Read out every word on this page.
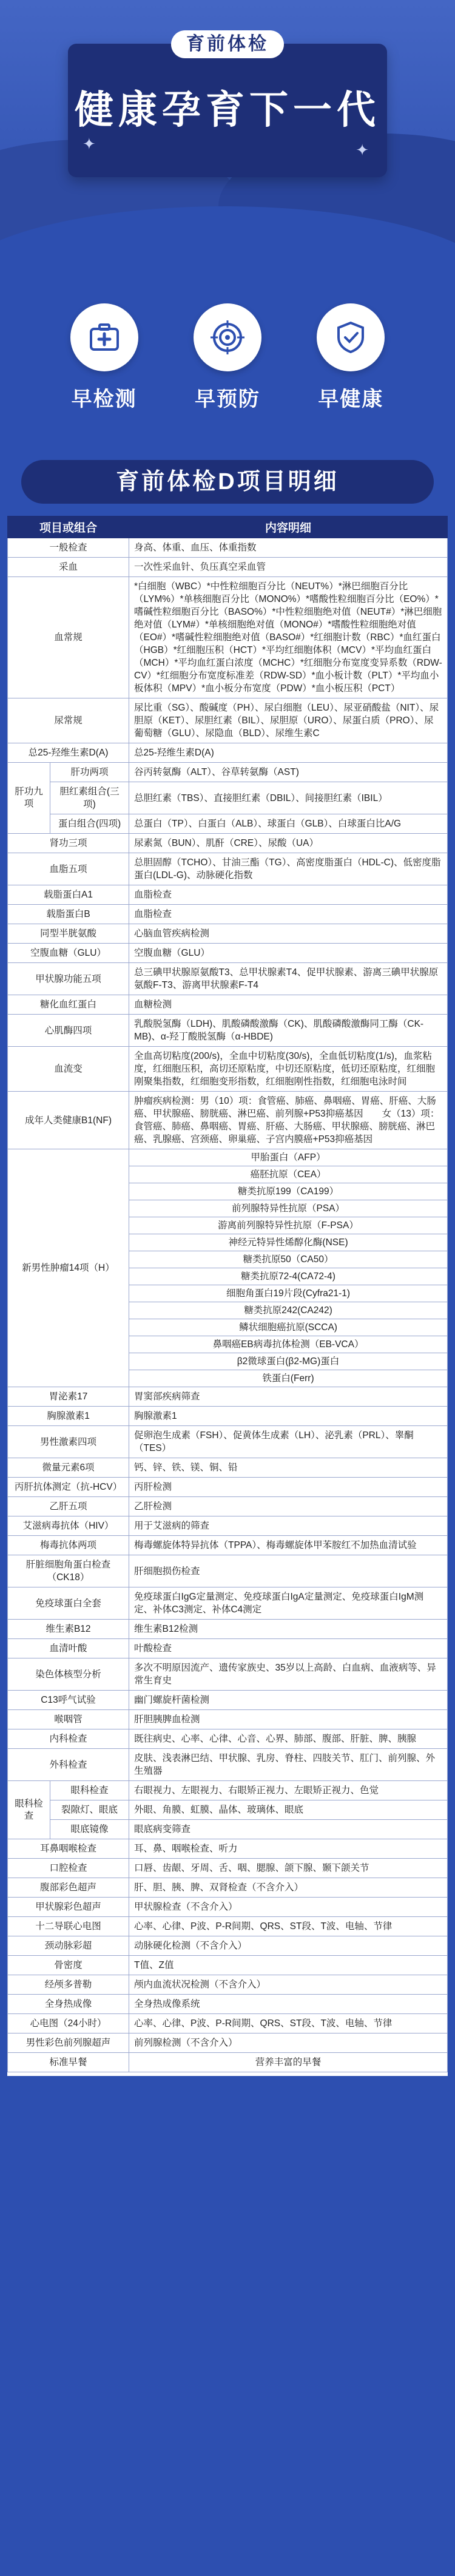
育前体检
健康孕育下一代
✦	✦
早检测	早预防	早健康
育前体检D项目明细
项目或组合		内容明细
一般检查		身高、体重、血压、体重指数
采血		一次性采血针、负压真空采血管
血常规		*白细胞（WBC）*中性粒细胞百分比（NEUT%）*淋巴细胞百分比（LYM%）*单核细胞百分比（MONO%）*嗜酸性粒细胞百分比（EO%）*嗜碱性粒细胞百分比（BASO%）*中性粒细胞绝对值（NEUT#）*淋巴细胞绝对值（LYM#）*单核细胞绝对值（MONO#）*嗜酸性粒细胞绝对值（EO#）*嗜碱性粒细胞绝对值（BASO#）*红细胞计数（RBC）*血红蛋白（HGB）*红细胞压积（HCT）*平均红细胞体积（MCV）*平均血红蛋白（MCH）*平均血红蛋白浓度（MCHC）*红细胞分布宽度变异系数（RDW-CV）*红细胞分布宽度标准差（RDW-SD）*血小板计数（PLT）*平均血小板体积（MPV）*血小板分布宽度（PDW）*血小板压积（PCT）
尿常规		尿比重（SG）、酸碱度（PH）、尿白细胞（LEU）、尿亚硝酸盐（NIT）、尿胆原（KET）、尿胆红素（BIL）、尿胆原（URO）、尿蛋白质（PRO）、尿葡萄糖（GLU）、尿隐血（BLD）、尿维生素C
总25-羟维生素D(A)		总25-羟维生素D(A)
肝功九项	肝功两项	谷丙转氨酶（ALT）、谷草转氨酶（AST)
	胆红素组合(三项)	总胆红素（TBS）、直接胆红素（DBIL）、间接胆红素（IBIL）
	蛋白组合(四项)	总蛋白（TP）、白蛋白（ALB）、球蛋白（GLB）、白球蛋白比A/G
肾功三项		尿素氮（BUN）、肌酐（CRE）、尿酸（UA）
血脂五项		总胆固醇（TCHO）、甘油三酯（TG）、高密度脂蛋白（HDL-C)、低密度脂蛋白(LDL-G)、动脉硬化指数
载脂蛋白A1		血脂检查
载脂蛋白B		血脂检查
同型半胱氨酸		心脑血管疾病检测
空腹血糖（GLU）		空腹血糖（GLU）
甲状腺功能五项		总三碘甲状腺原氨酸T3、总甲状腺素T4、促甲状腺素、游离三碘甲状腺原氨酸F-T3、游离甲状腺素F-T4
糖化血红蛋白		血糖检测
心肌酶四项		乳酸脱氢酶（LDH)、肌酸磷酸激酶（CK)、肌酸磷酸激酶同工酶（CK-MB)、α-羟丁酸脱氢酶（α-HBDE)
血流变		全血高切粘度(200/s)，全血中切粘度(30/s)，全血低切粘度(1/s)，血浆粘度，红细胞压积，高切还原粘度，中切还原粘度，低切还原粘度，红细胞刚聚集指数，红细胞变形指数，红细胞刚性指数，红细胞电泳时间
成年人类健康B1(NF)		肿瘤疾病检测：男（10）项：食管癌、肺癌、鼻咽癌、胃癌、肝癌、大肠癌、甲状腺癌、膀胱癌、淋巴癌、前列腺+P53抑癌基因　　女（13）项：食管癌、肺癌、鼻咽癌、胃癌、肝癌、大肠癌、甲状腺癌、膀胱癌、淋巴癌、乳腺癌、宫颈癌、卵巢癌、子宫内膜癌+P53抑癌基因
新男性肿瘤14项（H）		甲胎蛋白（AFP）
		癌胚抗原（CEA）
		糖类抗原199（CA199）
		前列腺特异性抗原（PSA）
		游离前列腺特异性抗原（F-PSA）
		神经元特异性烯醇化酶(NSE)
		糖类抗原50（CA50）
		糖类抗原72-4(CA72-4)
		细胞角蛋白19片段(Cyfra21-1)
		糖类抗原242(CA242)
		鳞状细胞癌抗原(SCCA)
		鼻咽癌EB病毒抗体检测（EB-VCA）
		β2微球蛋白(β2-MG)蛋白
		铁蛋白(Ferr)
胃泌素17		胃窦部疾病筛查
胸腺激素1		胸腺激素1
男性激素四项		促卵泡生成素（FSH）、促黄体生成素（LH）、泌乳素（PRL）、睾酮（TES）
微量元素6项		钙、锌、铁、镁、铜、铅
丙肝抗体测定（抗-HCV）		丙肝检测
乙肝五项		乙肝检测
艾滋病毒抗体（HIV）		用于艾滋病的筛查
梅毒抗体两项		梅毒螺旋体特异抗体（TPPA）、梅毒螺旋体甲苯胺红不加热血清试验
肝脏细胞角蛋白检查（CK18）		肝细胞损伤检查
免疫球蛋白全套		免疫球蛋白IgG定量测定、免疫球蛋白IgA定量测定、免疫球蛋白IgM测定、补体C3测定、补体C4测定
维生素B12		维生素B12检测
血清叶酸		叶酸检查
染色体核型分析		多次不明原因流产、遗传家族史、35岁以上高龄、白血病、血液病等、异常生育史
C13呼气试验		幽门螺旋杆菌检测
喉咽管		肝胆胰脾血检测
内科检查		既往病史、心率、心律、心音、心界、肺部、腹部、肝脏、脾、胰腺
外科检查		皮肤、浅表淋巴结、甲状腺、乳房、脊柱、四肢关节、肛门、前列腺、外生殖器
眼科检查	眼科检查	右眼视力、左眼视力、右眼矫正视力、左眼矫正视力、色觉
	裂隙灯、眼底	外眼、角膜、虹膜、晶体、玻璃体、眼底
	眼底镜像	眼底病变筛查
耳鼻咽喉检查		耳、鼻、咽喉检查、听力
口腔检查		口唇、齿龈、牙周、舌、咽、腮腺、颌下腺、颞下颌关节
腹部彩色超声		肝、胆、胰、脾、双肾检查（不含介入）
甲状腺彩色超声		甲状腺检查（不含介入）
十二导联心电图		心率、心律、P波、P-R间期、QRS、ST段、T波、电轴、节律
颈动脉彩超		动脉硬化检测（不含介入）
骨密度		T值、Z值
经颅多普勒		颅内血流状况检测（不含介入）
全身热成像		全身热成像系统
心电图（24小时）		心率、心律、P波、P-R间期、QRS、ST段、T波、电轴、节律
男性彩色前列腺超声		前列腺检测（不含介入）
标准早餐		营养丰富的早餐
